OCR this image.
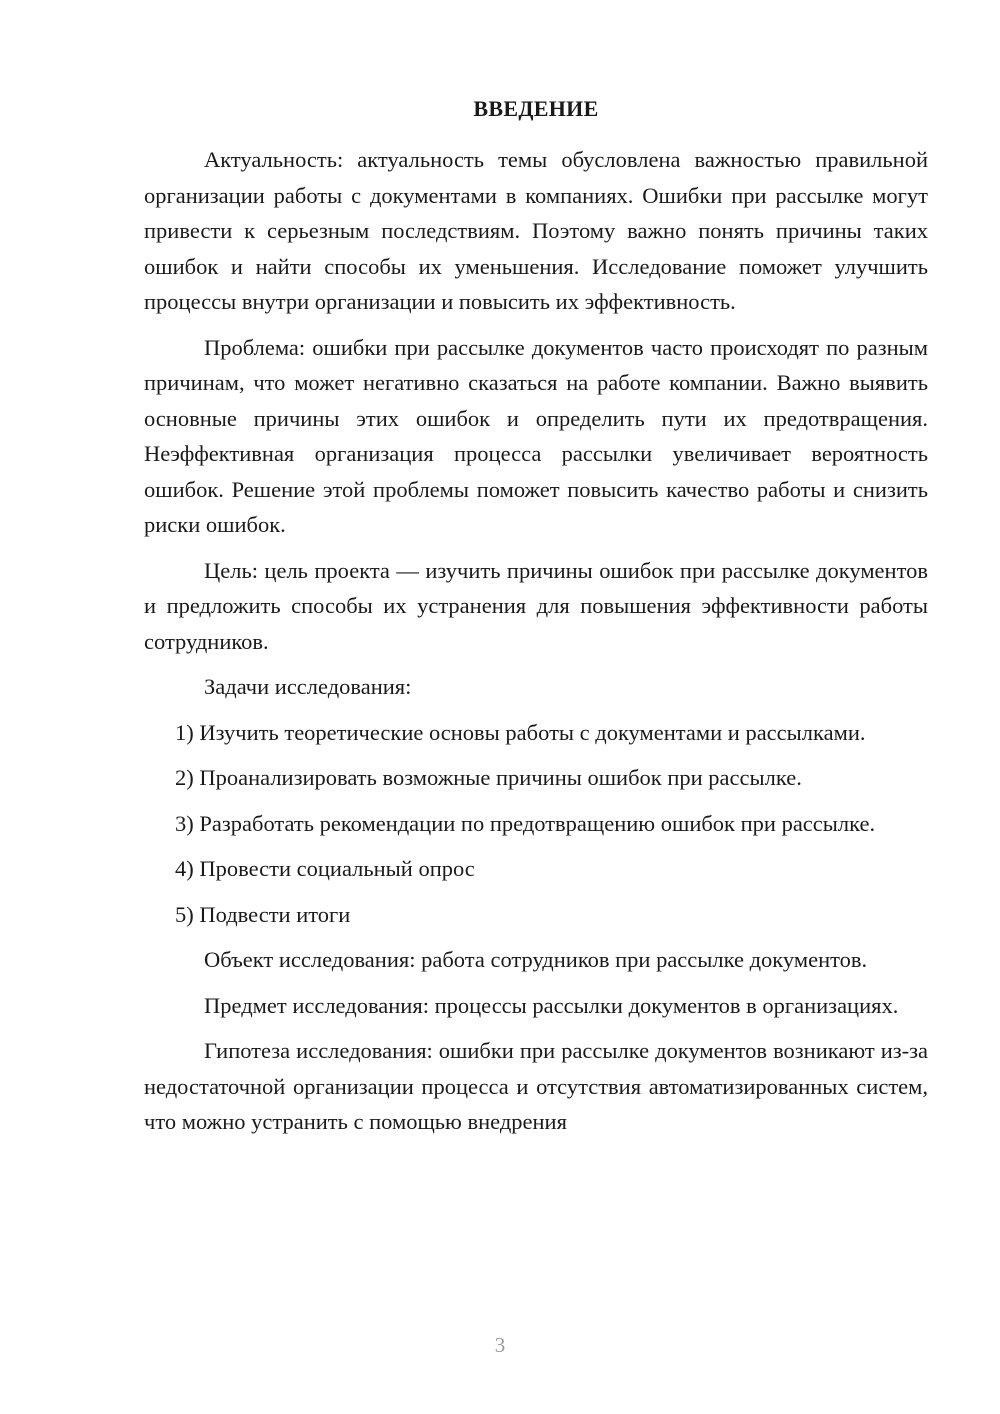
ВВЕДЕНИЕ

Актуальность: актуальность темы обусловлена важностью правильной организации работы с документами в компаниях. Ошибки при рассылке могут привести к серьезным последствиям. Поэтому важно понять причины таких ошибок и найти способы их уменьшения. Исследование поможет улучшить процессы внутри организации и повысить их эффективность.

Проблема: ошибки при рассылке документов часто происходят по разным причинам, что может негативно сказаться на работе компании. Важно выявить основные причины этих ошибок и определить пути их предотвращения. Неэффективная организация процесса рассылки увеличивает вероятность ошибок. Решение этой проблемы поможет повысить качество работы и снизить риски ошибок.

Цель: цель проекта — изучить причины ошибок при рассылке документов и предложить способы их устранения для повышения эффективности работы сотрудников.

Задачи исследования:

1) Изучить теоретические основы работы с документами и рассылками.

2) Проанализировать возможные причины ошибок при рассылке.

3) Разработать рекомендации по предотвращению ошибок при рассылке.

4) Провести социальный опрос

5) Подвести итоги

Объект исследования: работа сотрудников при рассылке документов.

Предмет исследования: процессы рассылки документов в организациях.

Гипотеза исследования: ошибки при рассылке документов возникают из-за недостаточной организации процесса и отсутствия автоматизированных систем, что можно устранить с помощью внедрения

3
